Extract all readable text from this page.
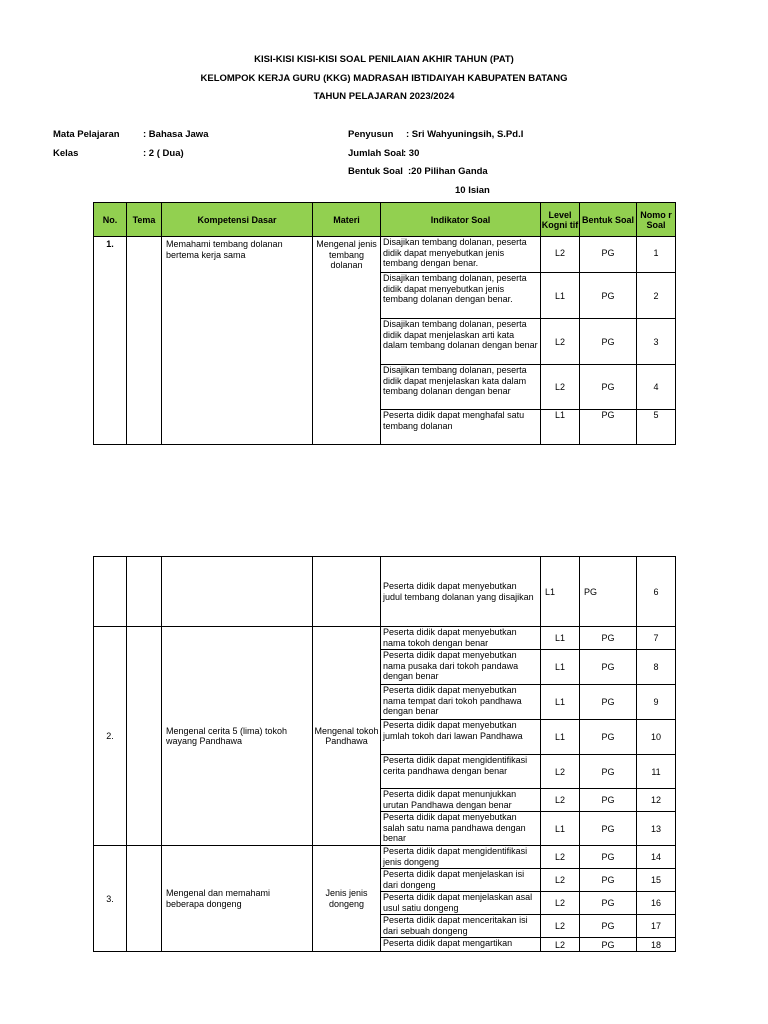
KISI-KISI KISI-KISI SOAL PENILAIAN AKHIR TAHUN (PAT)
KELOMPOK KERJA GURU (KKG) MADRASAH IBTIDAIYAH KABUPATEN BATANG
TAHUN PELAJARAN 2023/2024
Mata Pelajaran : Bahasa Jawa
Kelas	: 2 ( Dua)
Penyusun : Sri Wahyuningsih, S.Pd.I
Jumlah Soal : 30
Bentuk Soal :20 Pilihan Ganda
10 Isian
No.	Tema	Kompetensi Dasar	Materi	Indikator Soal	Level Kogni tif	Bentuk Soal	Nomo r Soal
1.		Memahami tembang dolanan bertema kerja sama	Mengenal jenis tembang dolanan	Disajikan tembang dolanan, peserta didik dapat menyebutkan jenis tembang dengan benar.	L2	PG	1
				Disajikan tembang dolanan, peserta didik dapat menyebutkan jenis tembang dolanan dengan benar.	L1	PG	2
				Disajikan tembang dolanan, peserta didik dapat menjelaskan arti kata dalam tembang dolanan dengan benar	L2	PG	3
				Disajikan tembang dolanan, peserta didik dapat menjelaskan kata dalam tembang dolanan dengan benar	L2	PG	4
				Peserta didik dapat menghafal satu tembang dolanan	L1	PG	5
				Peserta didik dapat menyebutkan judul tembang dolanan yang disajikan	L1	PG	6
2.		Mengenal cerita 5 (lima) tokoh wayang Pandhawa	Mengenal tokoh Pandhawa	Peserta didik dapat menyebutkan nama tokoh dengan benar	L1	PG	7
				Peserta didik dapat menyebutkan nama pusaka dari tokoh pandawa dengan benar	L1	PG	8
				Peserta didik dapat menyebutkan nama tempat dari tokoh pandhawa dengan benar	L1	PG	9
				Peserta didik dapat menyebutkan jumlah tokoh dari lawan Pandhawa	L1	PG	10
				Peserta didik dapat mengidentifikasi cerita pandhawa dengan benar	L2	PG	11
				Peserta didik dapat menunjukkan urutan Pandhawa dengan benar	L2	PG	12
				Peserta didik dapat menyebutkan salah satu nama pandhawa dengan benar	L1	PG	13
3.		Mengenal dan memahami beberapa dongeng	Jenis jenis dongeng	Peserta didik dapat mengidentifikasi jenis dongeng	L2	PG	14
				Peserta didik dapat menjelaskan isi dari dongeng	L2	PG	15
				Peserta didik dapat menjelaskan asal usul satiu dongeng	L2	PG	16
				Peserta didik dapat menceritakan isi dari sebuah dongeng	L2	PG	17
				Peserta didik dapat mengartikan	L2	PG	18
